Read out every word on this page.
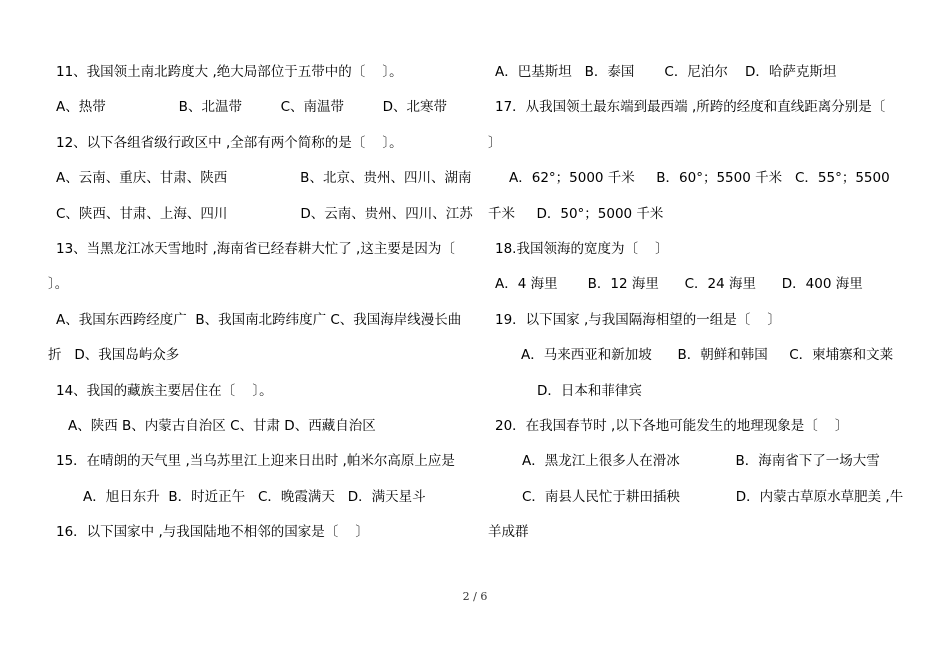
11、我国领土南北跨度大 ,绝大局部位于五带中的〔    〕。
A、热带                 B、北温带         C、南温带         D、北寒带
12、以下各组省级行政区中 ,全部有两个简称的是〔    〕。
A、云南、重庆、甘肃、陕西                 B、北京、贵州、四川、湖南
C、陕西、甘肃、上海、四川                 D、云南、贵州、四川、江苏
13、当黑龙江冰天雪地时 ,海南省已经春耕大忙了 ,这主要是因为〔
〕。
A、我国东西跨经度广  B、我国南北跨纬度广 C、我国海岸线漫长曲
折   D、我国岛屿众多
14、我国的藏族主要居住在〔    〕。
A、陕西 B、内蒙古自治区 C、甘肃 D、西藏自治区
15．在晴朗的天气里 ,当乌苏里江上迎来日出时 ,帕米尔高原上应是
A．旭日东升  B．时近正午   C．晚霞满天   D．满天星斗
16．以下国家中 ,与我国陆地不相邻的国家是〔    〕
A．巴基斯坦   B．泰国       C．尼泊尔    D．哈萨克斯坦
17．从我国领土最东端到最西端 ,所跨的经度和直线距离分别是〔
〕
A．62°；5000 千米     B．60°；5500 千米   C．55°；5500
千米     D．50°；5000 千米
18.我国领海的宽度为〔    〕
A．4 海里       B．12 海里      C．24 海里      D．400 海里
19．以下国家 ,与我国隔海相望的一组是〔    〕
A．马来西亚和新加坡      B．朝鲜和韩国     C．柬埔寨和文莱
D．日本和菲律宾
20．在我国春节时 ,以下各地可能发生的地理现象是〔    〕
A．黑龙江上很多人在滑冰             B．海南省下了一场大雪
C．南县人民忙于耕田插秧             D．内蒙古草原水草肥美 ,牛
羊成群
2 / 6
